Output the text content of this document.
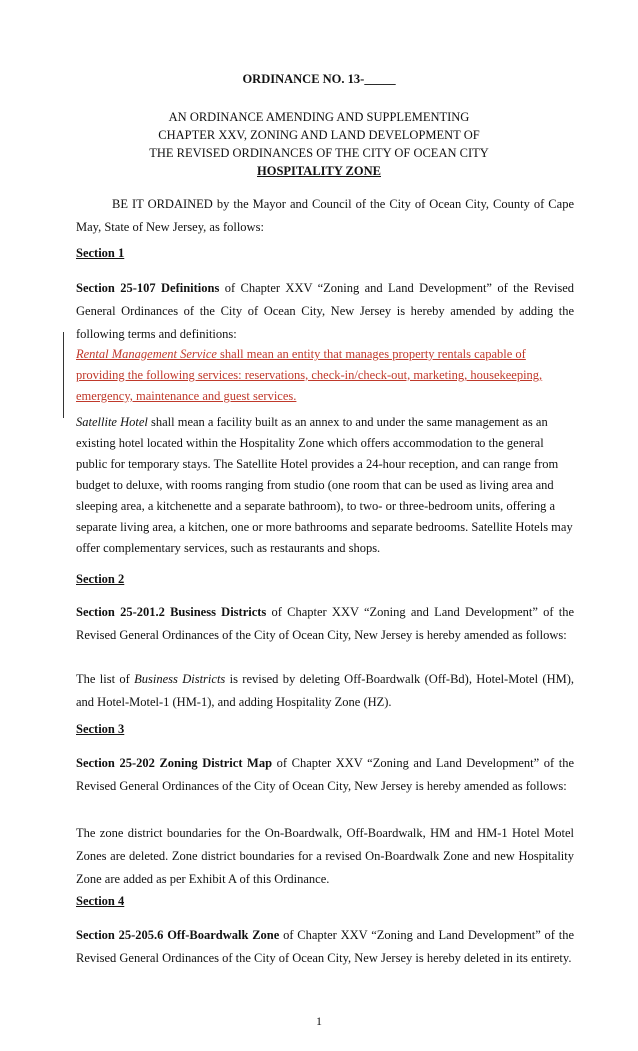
ORDINANCE NO. 13-_____
AN ORDINANCE AMENDING AND SUPPLEMENTING
CHAPTER XXV, ZONING AND LAND DEVELOPMENT OF
THE REVISED ORDINANCES OF THE CITY OF OCEAN CITY
HOSPITALITY ZONE
BE IT ORDAINED by the Mayor and Council of the City of Ocean City, County of Cape May, State of New Jersey, as follows:
Section 1
Section 25-107 Definitions of Chapter XXV “Zoning and Land Development” of the Revised General Ordinances of the City of Ocean City, New Jersey is hereby amended by adding the following terms and definitions:
Rental Management Service shall mean an entity that manages property rentals capable of providing the following services: reservations, check-in/check-out, marketing, housekeeping, emergency, maintenance and guest services.
Satellite Hotel shall mean a facility built as an annex to and under the same management as an existing hotel located within the Hospitality Zone which offers accommodation to the general public for temporary stays. The Satellite Hotel provides a 24-hour reception, and can range from budget to deluxe, with rooms ranging from studio (one room that can be used as living area and sleeping area, a kitchenette and a separate bathroom), to two- or three-bedroom units, offering a separate living area, a kitchen, one or more bathrooms and separate bedrooms. Satellite Hotels may offer complementary services, such as restaurants and shops.
Section 2
Section 25-201.2 Business Districts of Chapter XXV “Zoning and Land Development” of the Revised General Ordinances of the City of Ocean City, New Jersey is hereby amended as follows:
The list of Business Districts is revised by deleting Off-Boardwalk (Off-Bd), Hotel-Motel (HM), and Hotel-Motel-1 (HM-1), and adding Hospitality Zone (HZ).
Section 3
Section 25-202 Zoning District Map of Chapter XXV “Zoning and Land Development” of the Revised General Ordinances of the City of Ocean City, New Jersey is hereby amended as follows:
The zone district boundaries for the On-Boardwalk, Off-Boardwalk, HM and HM-1 Hotel Motel Zones are deleted. Zone district boundaries for a revised On-Boardwalk Zone and new Hospitality Zone are added as per Exhibit A of this Ordinance.
Section 4
Section 25-205.6 Off-Boardwalk Zone of Chapter XXV “Zoning and Land Development” of the Revised General Ordinances of the City of Ocean City, New Jersey is hereby deleted in its entirety.
1
